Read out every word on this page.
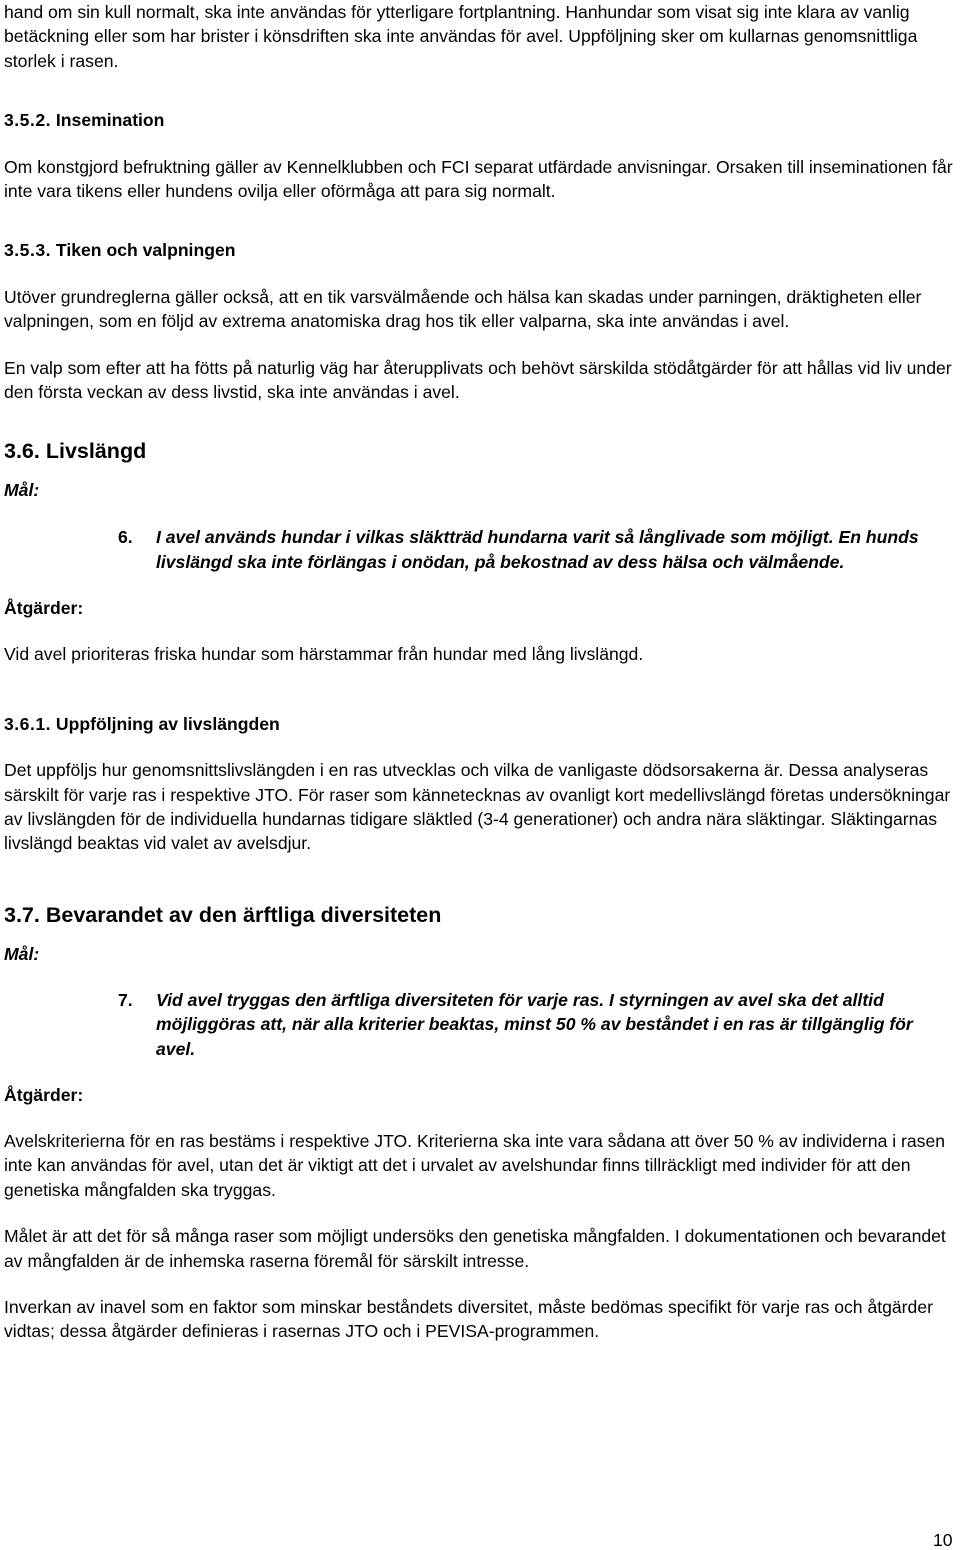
hand om sin kull normalt, ska inte användas för ytterligare fortplantning. Hanhundar som visat sig inte klara av vanlig betäckning eller som har brister i könsdriften ska inte användas för avel. Uppföljning sker om kullarnas genomsnittliga storlek i rasen.

3.5.2. Insemination

Om konstgjord befruktning gäller av Kennelklubben och FCI separat utfärdade anvisningar. Orsaken till inseminationen får inte vara tikens eller hundens ovilja eller oförmåga att para sig normalt.

3.5.3. Tiken och valpningen

Utöver grundreglerna gäller också, att en tik varsvälmående och hälsa kan skadas under parningen, dräktigheten eller valpningen, som en följd av extrema anatomiska drag hos tik eller valparna, ska inte användas i avel.

En valp som efter att ha fötts på naturlig väg har återupplivats och behövt särskilda stödåtgärder för att hållas vid liv under den första veckan av dess livstid, ska inte användas i avel.

3.6. Livslängd

Mål:

6.	I avel används hundar i vilkas släktträd hundarna varit så långlivade som möjligt. En hunds livslängd ska inte förlängas i onödan, på bekostnad av dess hälsa och välmående.

Åtgärder:

Vid avel prioriteras friska hundar som härstammar från hundar med lång livslängd.

3.6.1. Uppföljning av livslängden

Det uppföljs hur genomsnittslivslängden i en ras utvecklas och vilka de vanligaste dödsorsakerna är. Dessa analyseras särskilt för varje ras i respektive JTO. För raser som kännetecknas av ovanligt kort medellivslängd företas undersökningar av livslängden för de individuella hundarnas tidigare släktled (3-4 generationer) och andra nära släktingar. Släktingarnas livslängd beaktas vid valet av avelsdjur.

3.7. Bevarandet av den ärftliga diversiteten

Mål:

7.	Vid avel tryggas den ärftliga diversiteten för varje ras. I styrningen av avel ska det alltid möjliggöras att, när alla kriterier beaktas, minst 50 % av beståndet i en ras är tillgänglig för avel.

Åtgärder:

Avelskriterierna för en ras bestäms i respektive JTO. Kriterierna ska inte vara sådana att över 50 % av individerna i rasen inte kan användas för avel, utan det är viktigt att det i urvalet av avelshundar finns tillräckligt med individer för att den genetiska mångfalden ska tryggas.

Målet är att det för så många raser som möjligt undersöks den genetiska mångfalden. I dokumentationen och bevarandet av mångfalden är de inhemska raserna föremål för särskilt intresse.

Inverkan av inavel som en faktor som minskar beståndets diversitet, måste bedömas specifikt för varje ras och åtgärder vidtas; dessa åtgärder definieras i rasernas JTO och i PEVISA-programmen.

10
